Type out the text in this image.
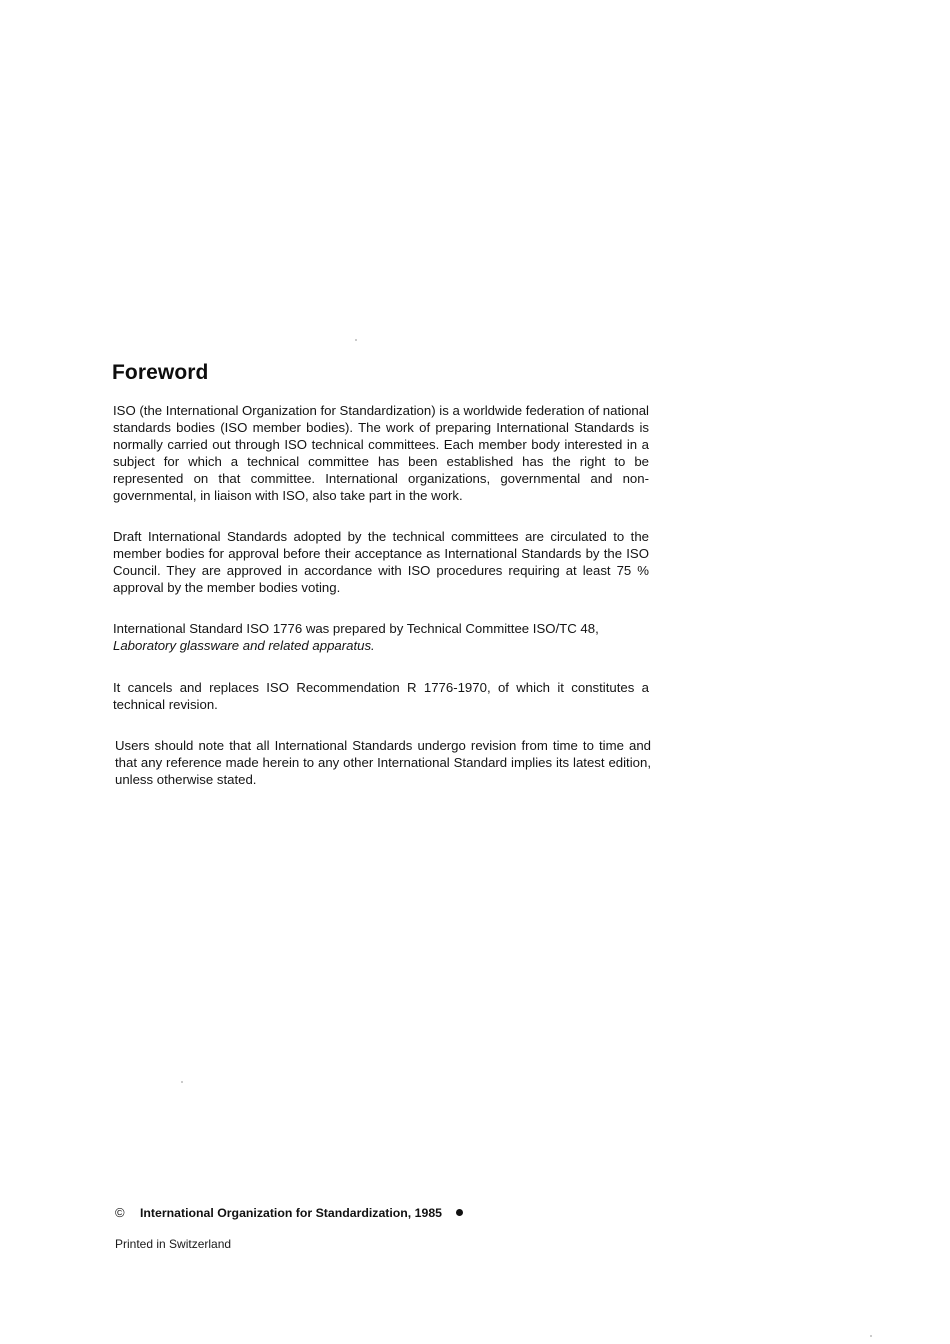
Foreword

ISO (the International Organization for Standardization) is a worldwide federation of national standards bodies (ISO member bodies). The work of preparing International Standards is normally carried out through ISO technical committees. Each member body interested in a subject for which a technical committee has been established has the right to be represented on that committee. International organizations, governmental and non-governmental, in liaison with ISO, also take part in the work.

Draft International Standards adopted by the technical committees are circulated to the member bodies for approval before their acceptance as International Standards by the ISO Council. They are approved in accordance with ISO procedures requiring at least 75 % approval by the member bodies voting.

International Standard ISO 1776 was prepared by Technical Committee ISO/TC 48,
Laboratory glassware and related apparatus.

It cancels and replaces ISO Recommendation R 1776-1970, of which it constitutes a technical revision.

Users should note that all International Standards undergo revision from time to time and that any reference made herein to any other International Standard implies its latest edition, unless otherwise stated.

© International Organization for Standardization, 1985
Printed in Switzerland
